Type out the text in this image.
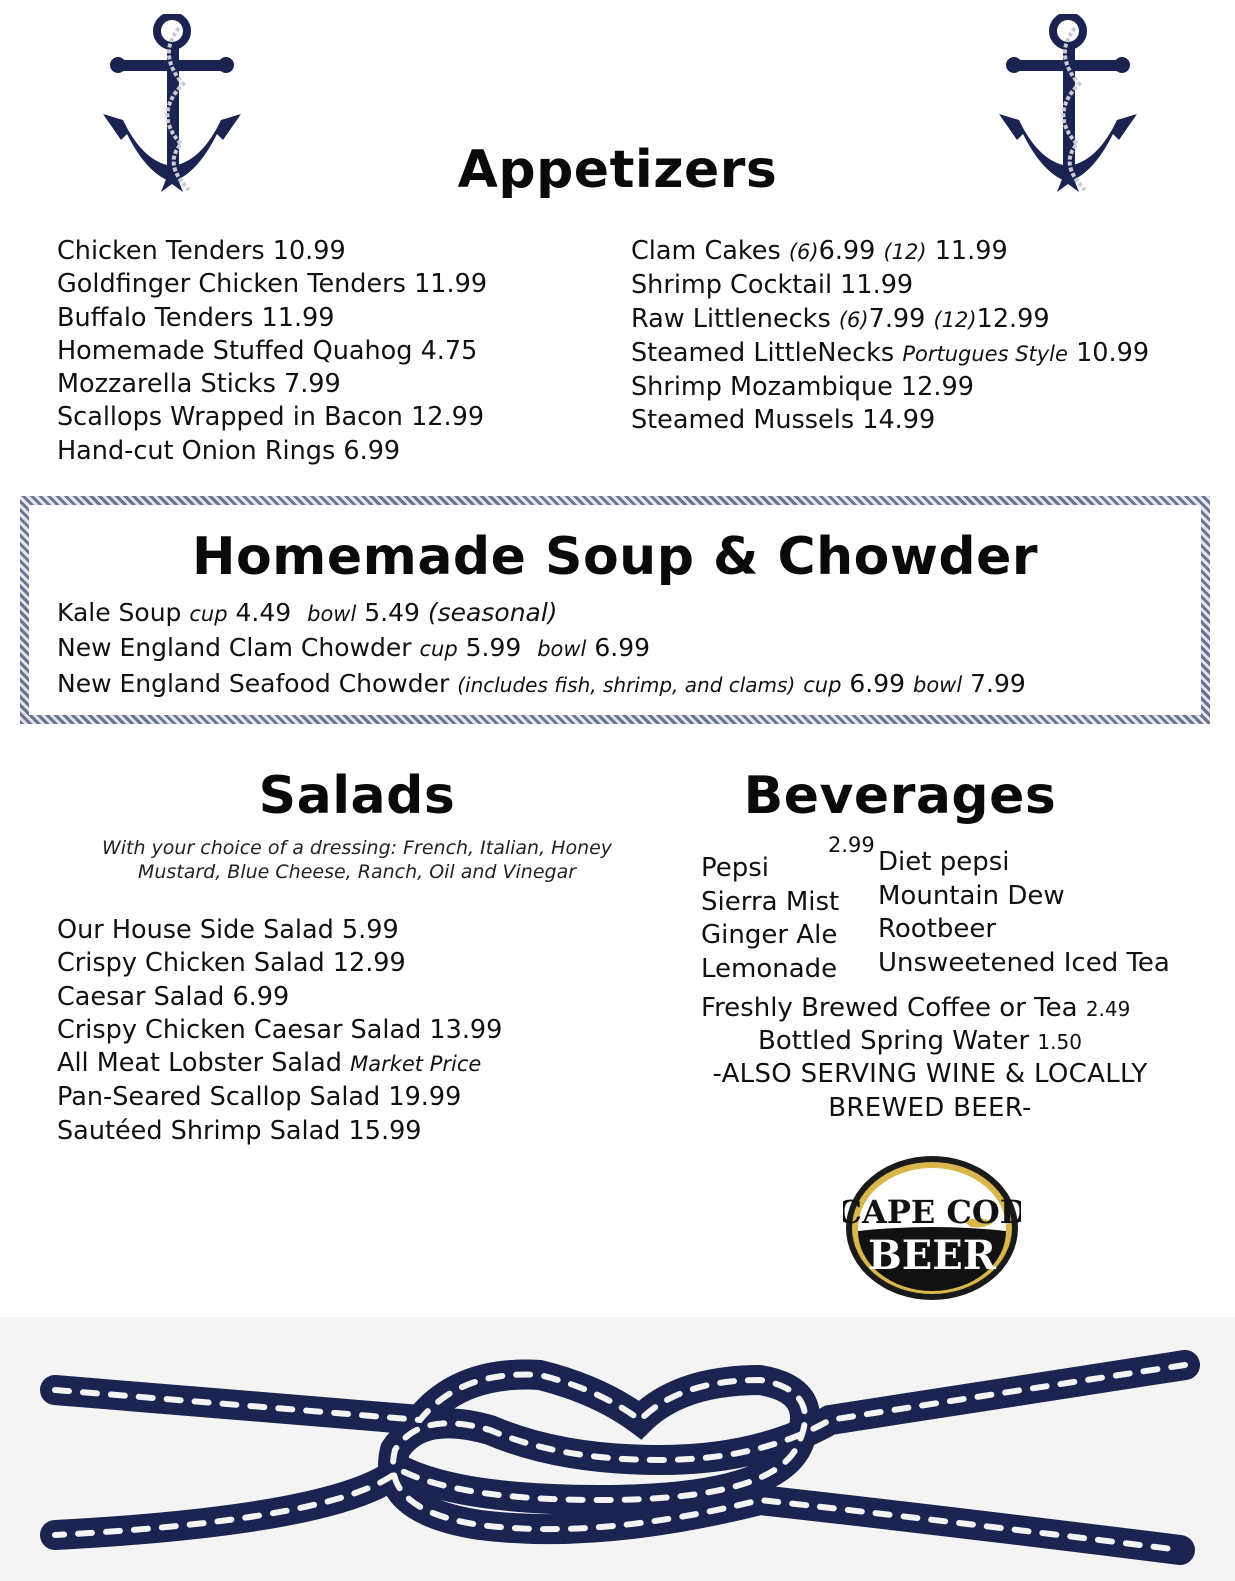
Appetizers
Chicken Tenders 10.99
Goldfinger Chicken Tenders 11.99
Buffalo Tenders 11.99
Homemade Stuffed Quahog 4.75
Mozzarella Sticks 7.99
Scallops Wrapped in Bacon 12.99
Hand-cut Onion Rings 6.99
Clam Cakes (6)6.99 (12) 11.99
Shrimp Cocktail 11.99
Raw Littlenecks (6)7.99 (12)12.99
Steamed LittleNecks Portugues Style 10.99
Shrimp Mozambique 12.99
Steamed Mussels 14.99
Homemade Soup & Chowder
Kale Soup cup 4.49 bowl 5.49 (seasonal)
New England Clam Chowder cup 5.99 bowl 6.99
New England Seafood Chowder (includes fish, shrimp, and clams) cup 6.99 bowl 7.99
Salads
With your choice of a dressing: French, Italian, Honey
Mustard, Blue Cheese, Ranch, Oil and Vinegar
Our House Side Salad 5.99
Crispy Chicken Salad 12.99
Caesar Salad 6.99
Crispy Chicken Caesar Salad 13.99
All Meat Lobster Salad Market Price
Pan-Seared Scallop Salad 19.99
Sautéed Shrimp Salad 15.99
Beverages
2.99
Pepsi
Sierra Mist
Ginger Ale
Lemonade
Diet pepsi
Mountain Dew
Rootbeer
Unsweetened Iced Tea
Freshly Brewed Coffee or Tea 2.49
Bottled Spring Water 1.50
-ALSO SERVING WINE & LOCALLY
BREWED BEER-
CAPE COD
BEER
